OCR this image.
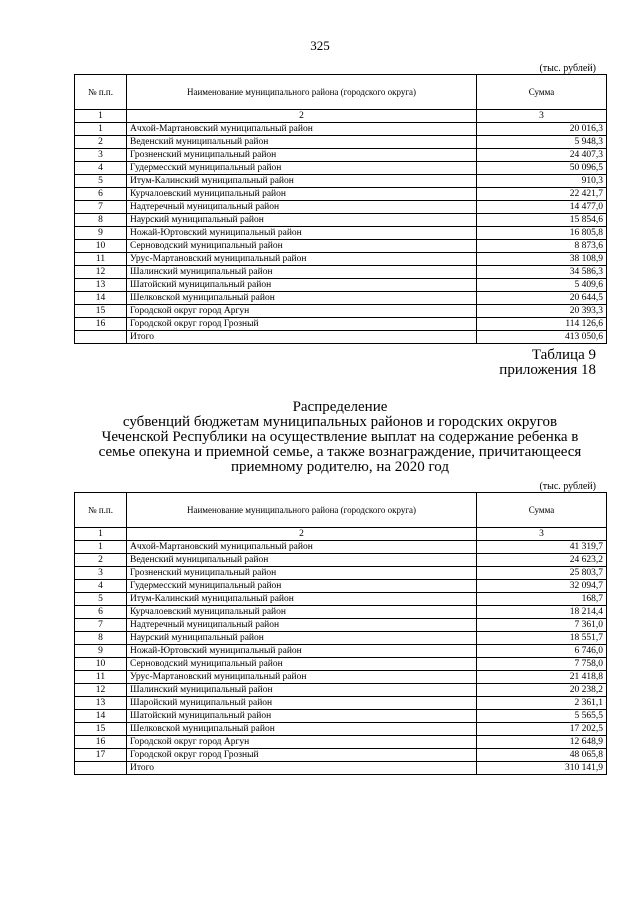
325
(тыс. рублей)
№ п.п.	Наименование муниципального района (городского округа)	Сумма
1	2	3
1	Ачхой-Мартановский муниципальный район	20 016,3
2	Веденский муниципальный район	5 948,3
3	Грозненский муниципальный район	24 407,3
4	Гудермесский муниципальный район	50 096,5
5	Итум-Калинский муниципальный район	910,3
6	Курчалоевский муниципальный район	22 421,7
7	Надтеречный муниципальный район	14 477,0
8	Наурский муниципальный район	15 854,6
9	Ножай-Юртовский муниципальный район	16 805,8
10	Серноводский муниципальный район	8 873,6
11	Урус-Мартановский муниципальный район	38 108,9
12	Шалинский муниципальный район	34 586,3
13	Шатойский муниципальный район	5 409,6
14	Шелковской муниципальный район	20 644,5
15	Городской округ город Аргун	20 393,3
16	Городской округ город Грозный	114 126,6
	Итого	413 050,6
Таблица 9
приложения 18
Распределение
субвенций бюджетам муниципальных районов и городских округов
Чеченской Республики на осуществление выплат на содержание ребенка в
семье опекуна и приемной семье, а также вознаграждение, причитающееся
приемному родителю, на 2020 год
(тыс. рублей)
№ п.п.	Наименование муниципального района (городского округа)	Сумма
1	2	3
1	Ачхой-Мартановский муниципальный район	41 319,7
2	Веденский муниципальный район	24 623,2
3	Грозненский муниципальный район	25 803,7
4	Гудермесский муниципальный район	32 094,7
5	Итум-Калинский муниципальный район	168,7
6	Курчалоевский муниципальный район	18 214,4
7	Надтеречный муниципальный район	7 361,0
8	Наурский муниципальный район	18 551,7
9	Ножай-Юртовский муниципальный район	6 746,0
10	Серноводский муниципальный район	7 758,0
11	Урус-Мартановский муниципальный район	21 418,8
12	Шалинский муниципальный район	20 238,2
13	Шаройский муниципальный район	2 361,1
14	Шатойский муниципальный район	5 565,5
15	Шелковской муниципальный район	17 202,5
16	Городской округ город Аргун	12 648,9
17	Городской округ город Грозный	48 065,8
	Итого	310 141,9
